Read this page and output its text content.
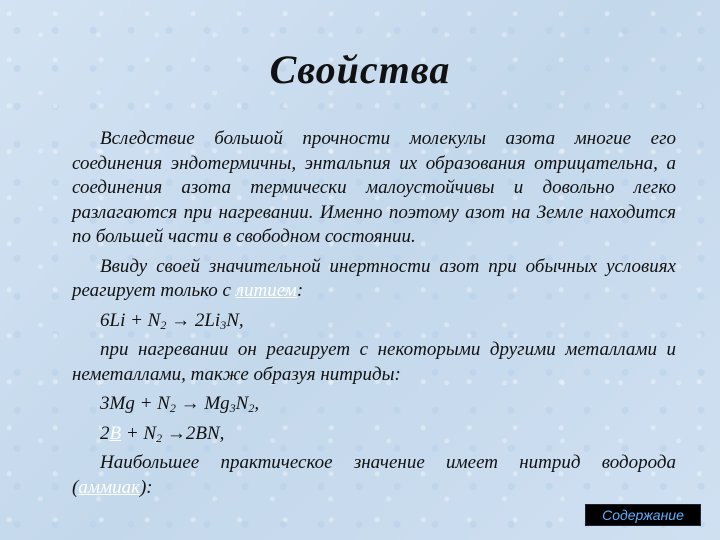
Свойства

Вследствие большой прочности молекулы азота многие его соединения эндотермичны, энтальпия их образования отрицательна, а соединения азота термически малоустойчивы и довольно легко разлагаются при нагревании. Именно поэтому азот на Земле находится по большей части в свободном состоянии.

Ввиду своей значительной инертности азот при обычных условиях реагирует только с литием:

$6Li + N_2 \to 2Li_3N$,

при нагревании он реагирует с некоторыми другими металлами и неметаллами, также образуя нитриды:

$3Mg + N_2 \to Mg_3N_2$,

$2B + N_2 \to 2BN$,

Наибольшее практическое значение имеет нитрид водорода (аммиак):

Содержание
